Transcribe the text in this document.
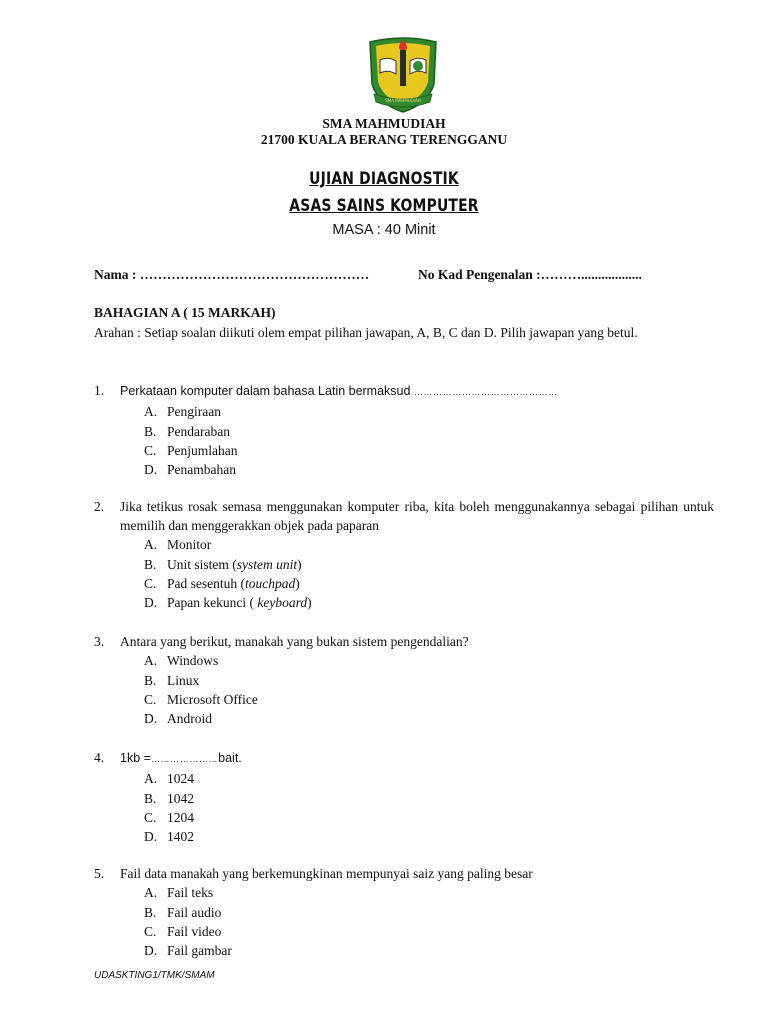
SMA MAHMUDIAH
SMA MAHMUDIAH
21700 KUALA BERANG TERENGGANU
UJIAN DIAGNOSTIK
ASAS SAINS KOMPUTER
MASA : 40 Minit
Nama : ……………………………………………	No Kad Pengenalan :………..................
BAHAGIAN A ( 15 MARKAH)
Arahan : Setiap soalan diikuti olem empat pilihan jawapan, A, B, C dan D. Pilih jawapan yang betul.
1.	Perkataan komputer dalam bahasa Latin bermaksud ………………………………………
A. Pengiraan
B. Pendaraban
C. Penjumlahan
D. Penambahan
2.	Jika tetikus rosak semasa menggunakan komputer riba, kita boleh menggunakannya sebagai pilihan untuk memilih dan menggerakkan objek pada paparan
A. Monitor
B. Unit sistem (system unit)
C. Pad sesentuh (touchpad)
D. Papan kekunci ( keyboard)
3.	Antara yang berikut, manakah yang bukan sistem pengendalian?
A. Windows
B. Linux
C. Microsoft Office
D. Android
4.	1kb =…………………bait.
A. 1024
B. 1042
C. 1204
D. 1402
5.	Fail data manakah yang berkemungkinan mempunyai saiz yang paling besar
A. Fail teks
B. Fail audio
C. Fail video
D. Fail gambar
UDASKTING1/TMK/SMAM
